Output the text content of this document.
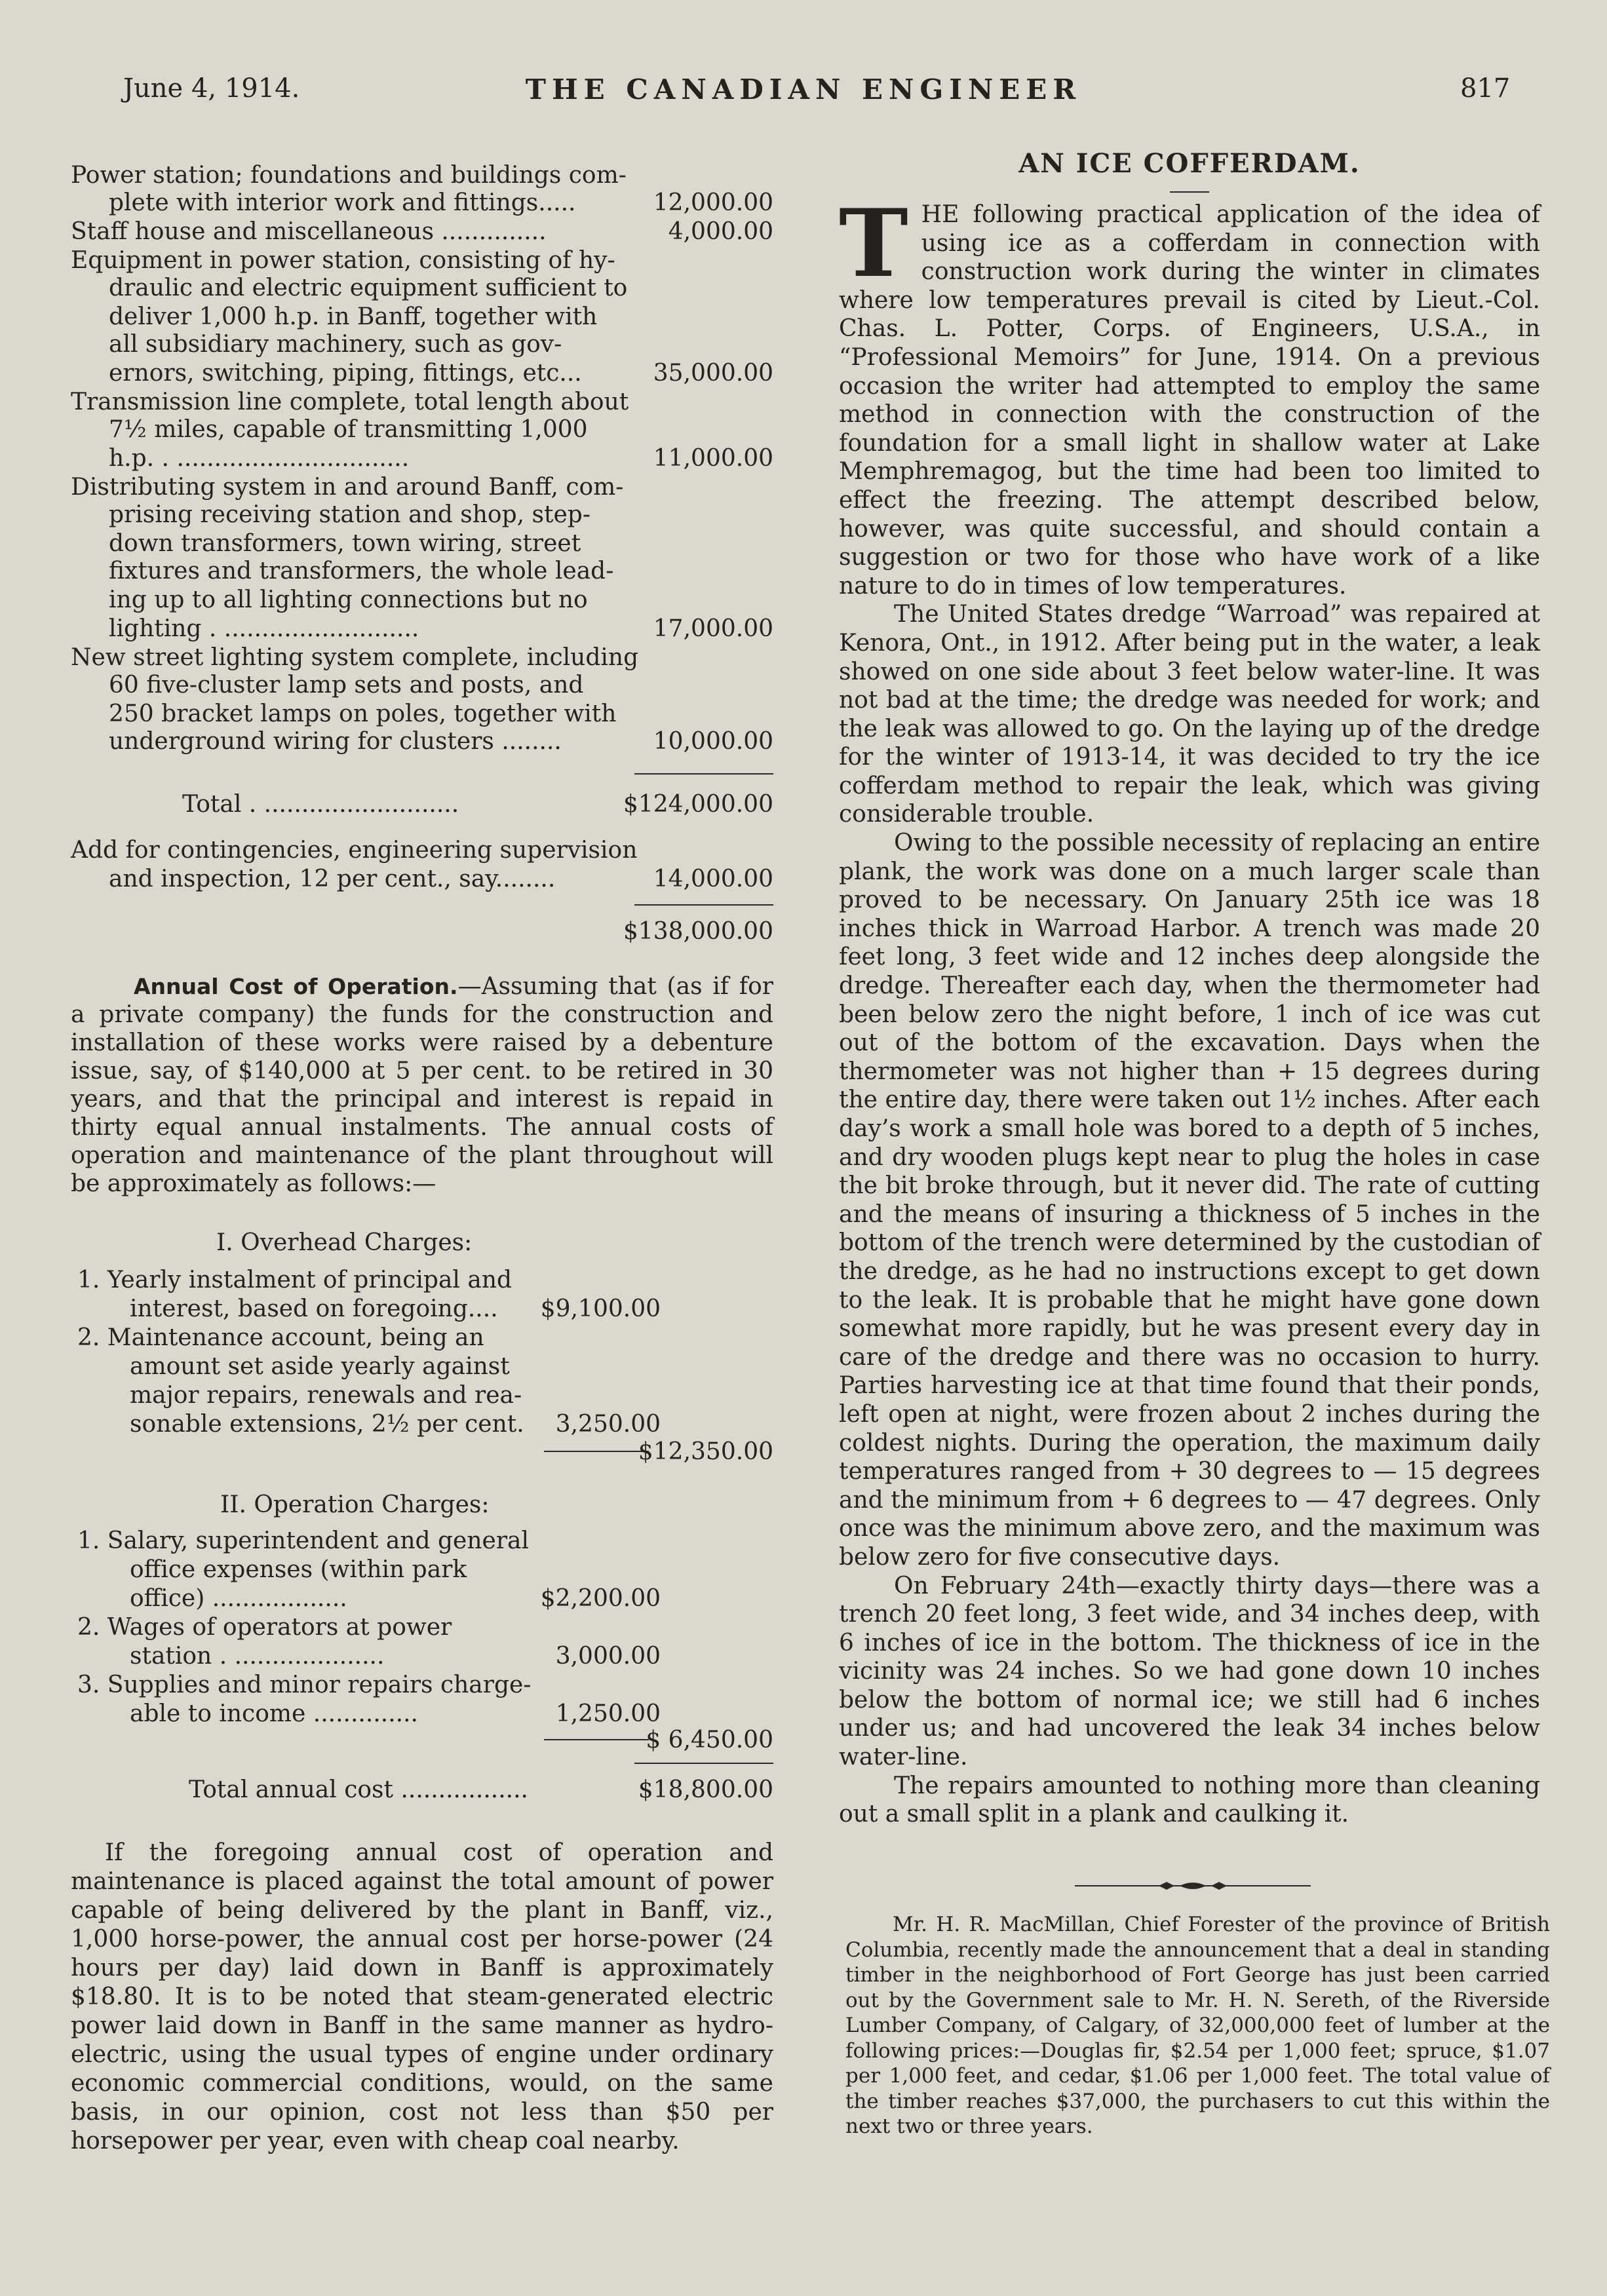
June 4, 1914.	THE CANADIAN ENGINEER	817
Power station; foundations and buildings com-
plete with interior work and fittings.....	12,000.00
Staff house and miscellaneous ..............	4,000.00
Equipment in power station, consisting of hy-
draulic and electric equipment sufficient to
deliver 1,000 h.p. in Banff, together with
all subsidiary machinery, such as gov-
ernors, switching, piping, fittings, etc...	35,000.00
Transmission line complete, total length about
7½ miles, capable of transmitting 1,000
h.p. . ...............................	11,000.00
Distributing system in and around Banff, com-
prising receiving station and shop, step-
down transformers, town wiring, street
fixtures and transformers, the whole lead-
ing up to all lighting connections but no
lighting . ..........................	17,000.00
New street lighting system complete, including
60 five-cluster lamp sets and posts, and
250 bracket lamps on poles, together with
underground wiring for clusters ........	10,000.00
Total . ..........................	$124,000.00
Add for contingencies, engineering supervision
and inspection, 12 per cent., say........	14,000.00
$138,000.00
Annual Cost of Operation.—Assuming that (as if for a private company) the funds for the construction and installation of these works were raised by a debenture issue, say, of $140,000 at 5 per cent. to be retired in 30 years, and that the principal and interest is repaid in thirty equal annual instalments. The annual costs of operation and maintenance of the plant throughout will be approximately as follows:—
I. Overhead Charges:
1. Yearly instalment of principal and
interest, based on foregoing.... $9,100.00
2. Maintenance account, being an
amount set aside yearly against
major repairs, renewals and rea-
sonable extensions, 2½ per cent. 3,250.00
$12,350.00
II. Operation Charges:
1. Salary, superintendent and general
office expenses (within park
office) ..................	$2,200.00
2. Wages of operators at power
station . ....................	3,000.00
3. Supplies and minor repairs charge-
able to income ..............	1,250.00
$ 6,450.00
Total annual cost .................	$18,800.00
If the foregoing annual cost of operation and maintenance is placed against the total amount of power capable of being delivered by the plant in Banff, viz., 1,000 horse-power, the annual cost per horse-power (24 hours per day) laid down in Banff is approximately $18.80. It is to be noted that steam-generated electric power laid down in Banff in the same manner as hydro-electric, using the usual types of engine under ordinary economic commercial conditions, would, on the same basis, in our opinion, cost not less than $50 per horsepower per year, even with cheap coal nearby.
AN ICE COFFERDAM.

THE following practical application of the idea of using ice as a cofferdam in connection with construction work during the winter in climates where low temperatures prevail is cited by Lieut.-Col. Chas. L. Potter, Corps. of Engineers, U.S.A., in “Professional Memoirs” for June, 1914. On a previous occasion the writer had attempted to employ the same method in connection with the construction of the foundation for a small light in shallow water at Lake Memphremagog, but the time had been too limited to effect the freezing. The attempt described below, however, was quite successful, and should contain a suggestion or two for those who have work of a like nature to do in times of low temperatures.

The United States dredge “Warroad” was repaired at Kenora, Ont., in 1912. After being put in the water, a leak showed on one side about 3 feet below water-line. It was not bad at the time; the dredge was needed for work; and the leak was allowed to go. On the laying up of the dredge for the winter of 1913-14, it was decided to try the ice cofferdam method to repair the leak, which was giving considerable trouble.

Owing to the possible necessity of replacing an entire plank, the work was done on a much larger scale than proved to be necessary. On January 25th ice was 18 inches thick in Warroad Harbor. A trench was made 20 feet long, 3 feet wide and 12 inches deep alongside the dredge. Thereafter each day, when the thermometer had been below zero the night before, 1 inch of ice was cut out of the bottom of the excavation. Days when the thermometer was not higher than + 15 degrees during the entire day, there were taken out 1½ inches. After each day’s work a small hole was bored to a depth of 5 inches, and dry wooden plugs kept near to plug the holes in case the bit broke through, but it never did. The rate of cutting and the means of insuring a thickness of 5 inches in the bottom of the trench were determined by the custodian of the dredge, as he had no instructions except to get down to the leak. It is probable that he might have gone down somewhat more rapidly, but he was present every day in care of the dredge and there was no occasion to hurry. Parties harvesting ice at that time found that their ponds, left open at night, were frozen about 2 inches during the coldest nights. During the operation, the maximum daily temperatures ranged from + 30 degrees to — 15 degrees and the minimum from + 6 degrees to — 47 degrees. Only once was the minimum above zero, and the maximum was below zero for five consecutive days.

On February 24th—exactly thirty days—there was a trench 20 feet long, 3 feet wide, and 34 inches deep, with 6 inches of ice in the bottom. The thickness of ice in the vicinity was 24 inches. So we had gone down 10 inches below the bottom of normal ice; we still had 6 inches under us; and had uncovered the leak 34 inches below water-line.

The repairs amounted to nothing more than cleaning out a small split in a plank and caulking it.

Mr. H. R. MacMillan, Chief Forester of the province of British Columbia, recently made the announcement that a deal in standing timber in the neighborhood of Fort George has just been carried out by the Government sale to Mr. H. N. Sereth, of the Riverside Lumber Company, of Calgary, of 32,000,000 feet of lumber at the following prices:—Douglas fir, $2.54 per 1,000 feet; spruce, $1.07 per 1,000 feet, and cedar, $1.06 per 1,000 feet. The total value of the timber reaches $37,000, the purchasers to cut this within the next two or three years.
